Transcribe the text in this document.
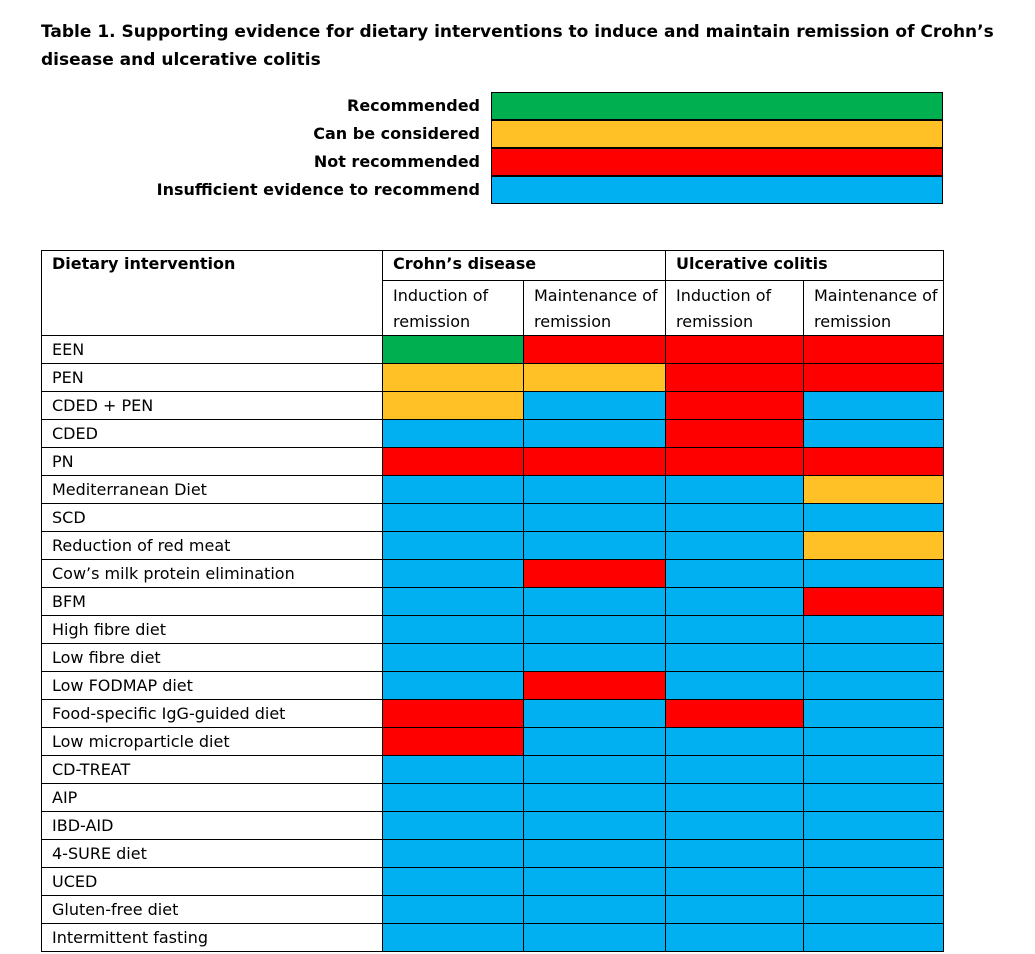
Table 1. Supporting evidence for dietary interventions to induce and maintain remission of Crohn’s disease and ulcerative colitis
Recommended
Can be considered
Not recommended
Insufficient evidence to recommend
Dietary intervention	Crohn’s disease		Ulcerative colitis	
	Induction of remission	Maintenance of remission	Induction of remission	Maintenance of remission
EEN				
PEN				
CDED + PEN				
CDED				
PN				
Mediterranean Diet				
SCD				
Reduction of red meat				
Cow’s milk protein elimination				
BFM				
High fibre diet				
Low fibre diet				
Low FODMAP diet				
Food-specific IgG-guided diet				
Low microparticle diet				
CD-TREAT				
AIP				
IBD-AID				
4-SURE diet				
UCED				
Gluten-free diet				
Intermittent fasting				
